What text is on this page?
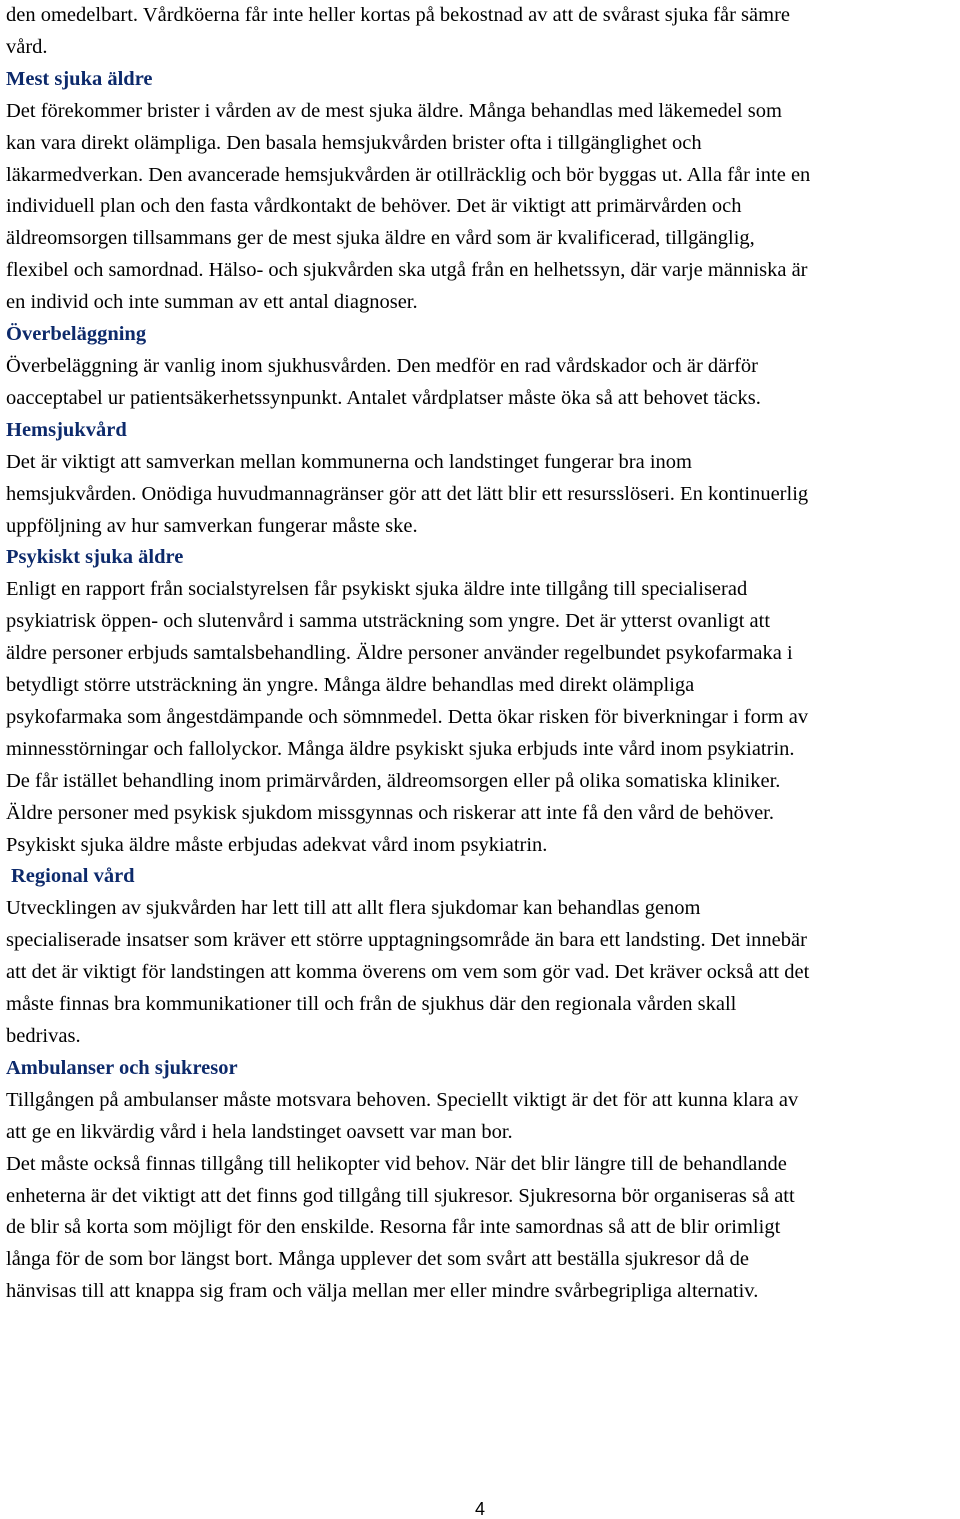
den omedelbart. Vårdköerna får inte heller kortas på bekostnad av att de svårast sjuka får sämre
vård.
Mest sjuka äldre
Det förekommer brister i vården av de mest sjuka äldre. Många behandlas med läkemedel som
kan vara direkt olämpliga. Den basala hemsjukvården brister ofta i tillgänglighet och
läkarmedverkan. Den avancerade hemsjukvården är otillräcklig och bör byggas ut. Alla får inte en
individuell plan och den fasta vårdkontakt de behöver. Det är viktigt att primärvården och
äldreomsorgen tillsammans ger de mest sjuka äldre en vård som är kvalificerad, tillgänglig,
flexibel och samordnad. Hälso- och sjukvården ska utgå från en helhetssyn, där varje människa är
en individ och inte summan av ett antal diagnoser.
Överbeläggning
Överbeläggning är vanlig inom sjukhusvården. Den medför en rad vårdskador och är därför
oacceptabel ur patientsäkerhetssynpunkt. Antalet vårdplatser måste öka så att behovet täcks.
Hemsjukvård
Det är viktigt att samverkan mellan kommunerna och landstinget fungerar bra inom
hemsjukvården. Onödiga huvudmannagränser gör att det lätt blir ett resursslöseri. En kontinuerlig
uppföljning av hur samverkan fungerar måste ske.
Psykiskt sjuka äldre
Enligt en rapport från socialstyrelsen får psykiskt sjuka äldre inte tillgång till specialiserad
psykiatrisk öppen- och slutenvård i samma utsträckning som yngre. Det är ytterst ovanligt att
äldre personer erbjuds samtalsbehandling. Äldre personer använder regelbundet psykofarmaka i
betydligt större utsträckning än yngre. Många äldre behandlas med direkt olämpliga
psykofarmaka som ångestdämpande och sömnmedel. Detta ökar risken för biverkningar i form av
minnesstörningar och fallolyckor. Många äldre psykiskt sjuka erbjuds inte vård inom psykiatrin.
De får istället behandling inom primärvården, äldreomsorgen eller på olika somatiska kliniker.
Äldre personer med psykisk sjukdom missgynnas och riskerar att inte få den vård de behöver.
Psykiskt sjuka äldre måste erbjudas adekvat vård inom psykiatrin.
Regional vård
Utvecklingen av sjukvården har lett till att allt flera sjukdomar kan behandlas genom
specialiserade insatser som kräver ett större upptagningsområde än bara ett landsting. Det innebär
att det är viktigt för landstingen att komma överens om vem som gör vad. Det kräver också att det
måste finnas bra kommunikationer till och från de sjukhus där den regionala vården skall
bedrivas.
Ambulanser och sjukresor
Tillgången på ambulanser måste motsvara behoven. Speciellt viktigt är det för att kunna klara av
att ge en likvärdig vård i hela landstinget oavsett var man bor.
Det måste också finnas tillgång till helikopter vid behov. När det blir längre till de behandlande
enheterna är det viktigt att det finns god tillgång till sjukresor. Sjukresorna bör organiseras så att
de blir så korta som möjligt för den enskilde. Resorna får inte samordnas så att de blir orimligt
långa för de som bor längst bort. Många upplever det som svårt att beställa sjukresor då de
hänvisas till att knappa sig fram och välja mellan mer eller mindre svårbegripliga alternativ.
4
